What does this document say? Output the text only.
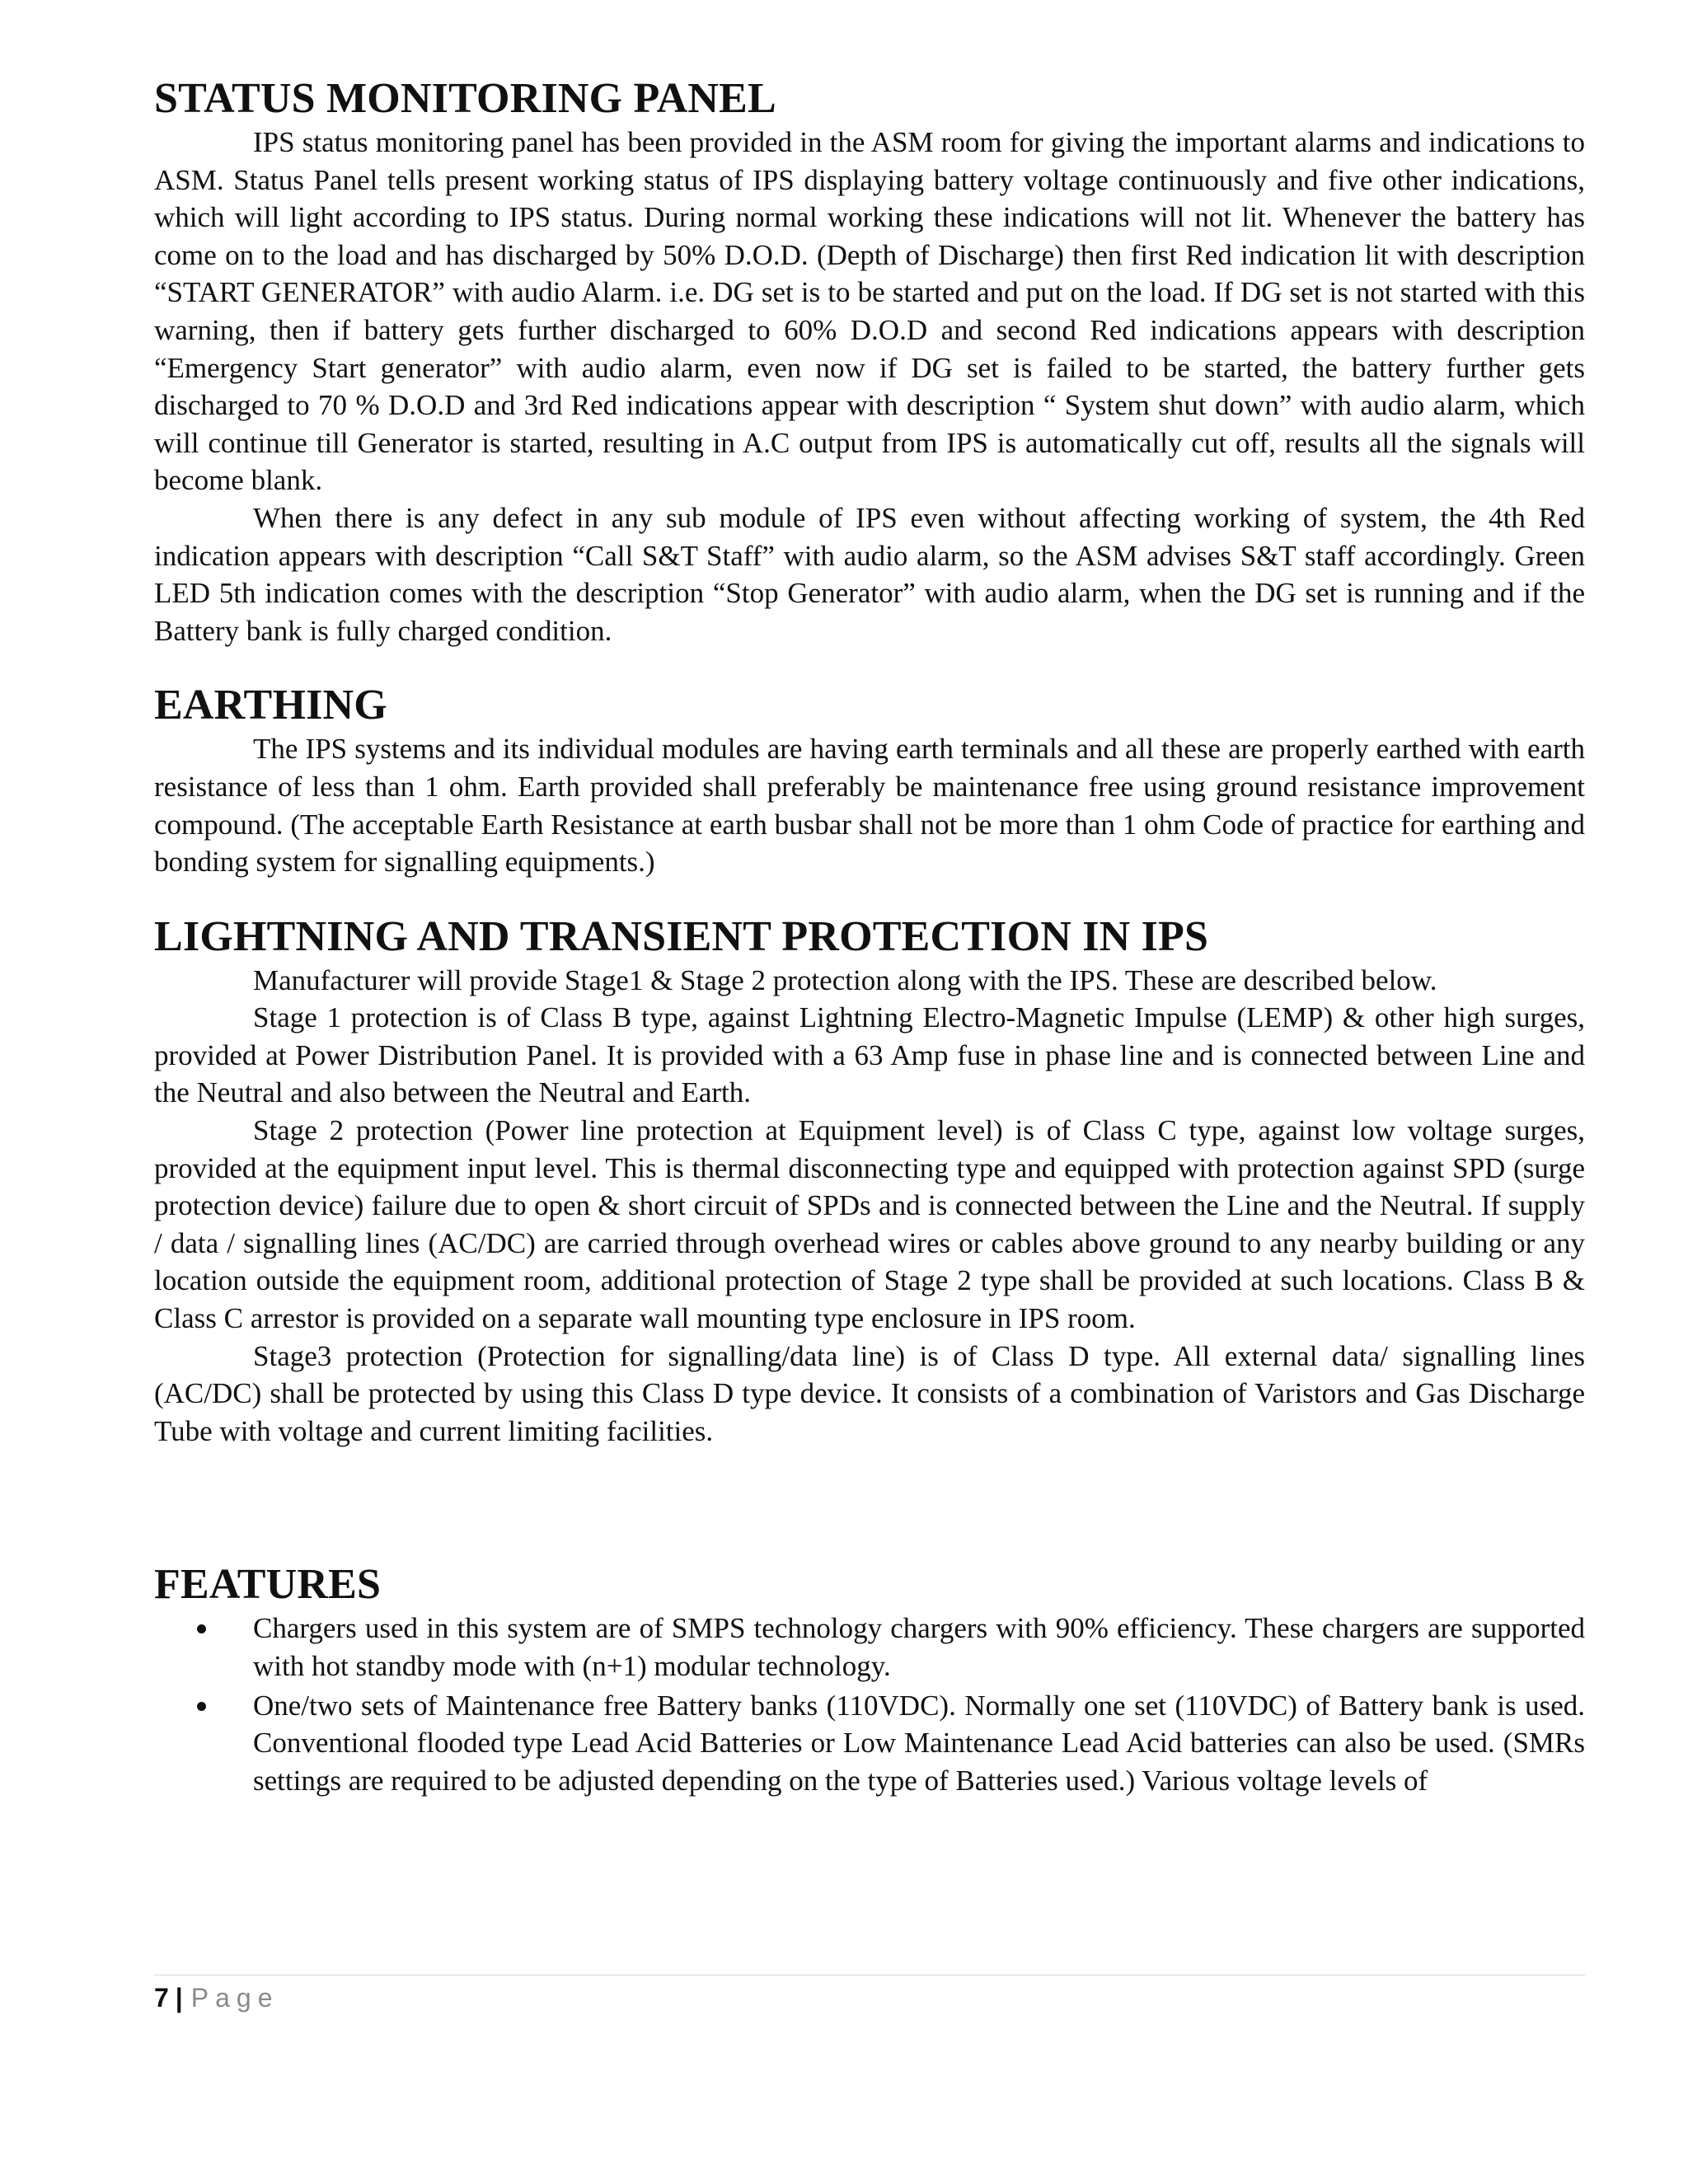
STATUS MONITORING PANEL

IPS status monitoring panel has been provided in the ASM room for giving the important alarms and indications to ASM. Status Panel tells present working status of IPS displaying battery voltage continuously and five other indications, which will light according to IPS status. During normal working these indications will not lit. Whenever the battery has come on to the load and has discharged by 50% D.O.D. (Depth of Discharge) then first Red indication lit with description “START GENERATOR” with audio Alarm. i.e. DG set is to be started and put on the load. If DG set is not started with this warning, then if battery gets further discharged to 60% D.O.D and second Red indications appears with description “Emergency Start generator” with audio alarm, even now if DG set is failed to be started, the battery further gets discharged to 70 % D.O.D and 3rd Red indications appear with description “ System shut down” with audio alarm, which will continue till Generator is started, resulting in A.C output from IPS is automatically cut off, results all the signals will become blank.

When there is any defect in any sub module of IPS even without affecting working of system, the 4th Red indication appears with description “Call S&T Staff” with audio alarm, so the ASM advises S&T staff accordingly. Green LED 5th indication comes with the description “Stop Generator” with audio alarm, when the DG set is running and if the Battery bank is fully charged condition.

EARTHING

The IPS systems and its individual modules are having earth terminals and all these are properly earthed with earth resistance of less than 1 ohm. Earth provided shall preferably be maintenance free using ground resistance improvement compound. (The acceptable Earth Resistance at earth busbar shall not be more than 1 ohm Code of practice for earthing and bonding system for signalling equipments.)

LIGHTNING AND TRANSIENT PROTECTION IN IPS

Manufacturer will provide Stage1 & Stage 2 protection along with the IPS. These are described below.

Stage 1 protection is of Class B type, against Lightning Electro-Magnetic Impulse (LEMP) & other high surges, provided at Power Distribution Panel. It is provided with a 63 Amp fuse in phase line and is connected between Line and the Neutral and also between the Neutral and Earth.

Stage 2 protection (Power line protection at Equipment level) is of Class C type, against low voltage surges, provided at the equipment input level. This is thermal disconnecting type and equipped with protection against SPD (surge protection device) failure due to open & short circuit of SPDs and is connected between the Line and the Neutral. If supply / data / signalling lines (AC/DC) are carried through overhead wires or cables above ground to any nearby building or any location outside the equipment room, additional protection of Stage 2 type shall be provided at such locations. Class B & Class C arrestor is provided on a separate wall mounting type enclosure in IPS room.

Stage3 protection (Protection for signalling/data line) is of Class D type. All external data/ signalling lines (AC/DC) shall be protected by using this Class D type device. It consists of a combination of Varistors and Gas Discharge Tube with voltage and current limiting facilities.

FEATURES
Chargers used in this system are of SMPS technology chargers with 90% efficiency. These chargers are supported with hot standby mode with (n+1) modular technology.
One/two sets of Maintenance free Battery banks (110VDC). Normally one set (110VDC) of Battery bank is used. Conventional flooded type Lead Acid Batteries or Low Maintenance Lead Acid batteries can also be used. (SMRs settings are required to be adjusted depending on the type of Batteries used.) Various voltage levels of
7 | Page
